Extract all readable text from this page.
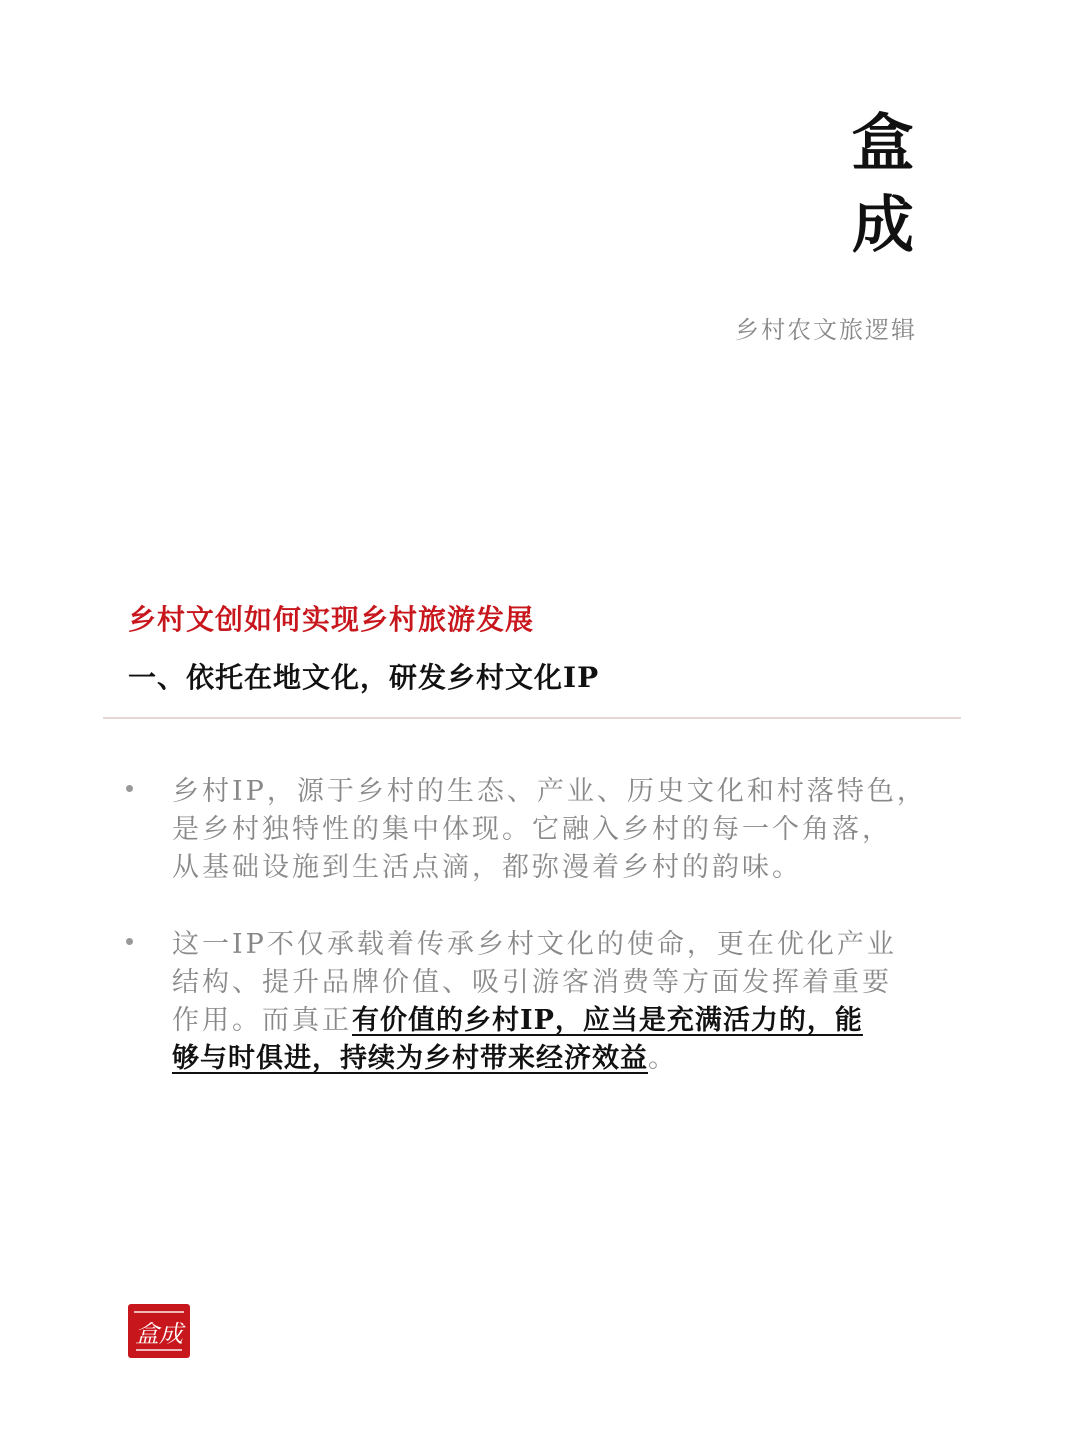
盒
成
乡村农文旅逻辑
乡村文创如何实现乡村旅游发展
一、依托在地文化，研发乡村文化IP
乡村IP，源于乡村的生态、产业、历史文化和村落特色，
是乡村独特性的集中体现。它融入乡村的每一个角落，
从基础设施到生活点滴，都弥漫着乡村的韵味。
这一IP不仅承载着传承乡村文化的使命，更在优化产业
结构、提升品牌价值、吸引游客消费等方面发挥着重要
作用。而真正有价值的乡村IP，应当是充满活力的，能
够与时俱进，持续为乡村带来经济效益。
盒成
